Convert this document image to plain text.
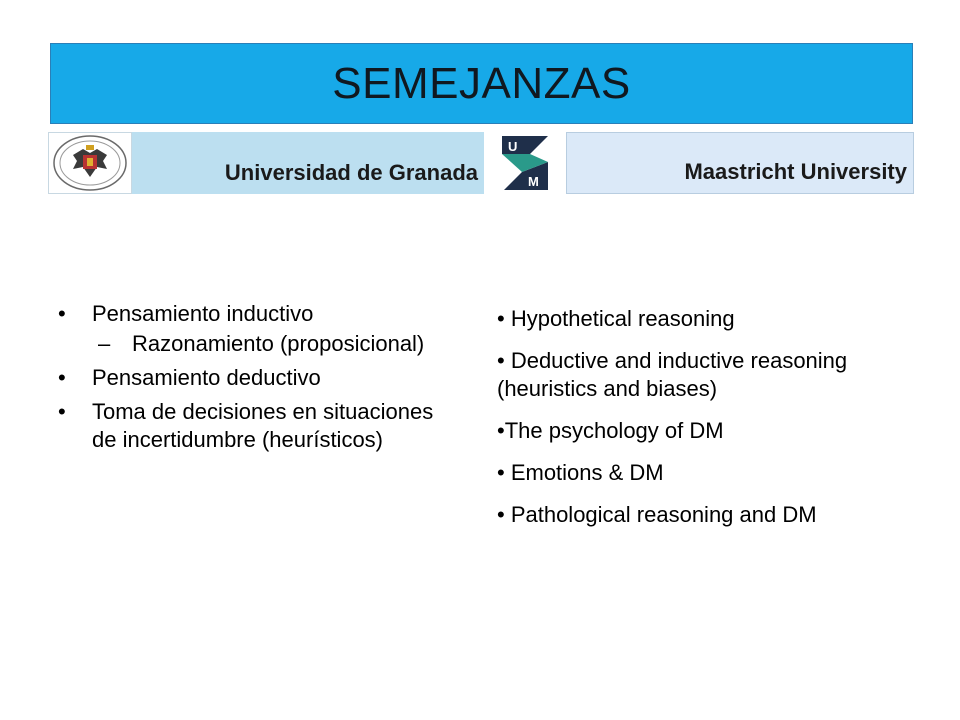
SEMEJANZAS
Universidad de Granada
U
M	Maastricht University
• Pensamiento inductivo
– Razonamiento (proposicional)
• Pensamiento deductivo
• Toma de decisiones en situaciones de incertidumbre (heurísticos)
• Hypothetical reasoning
• Deductive and inductive reasoning (heuristics and biases)
•The psychology of DM
• Emotions & DM
• Pathological reasoning and DM
